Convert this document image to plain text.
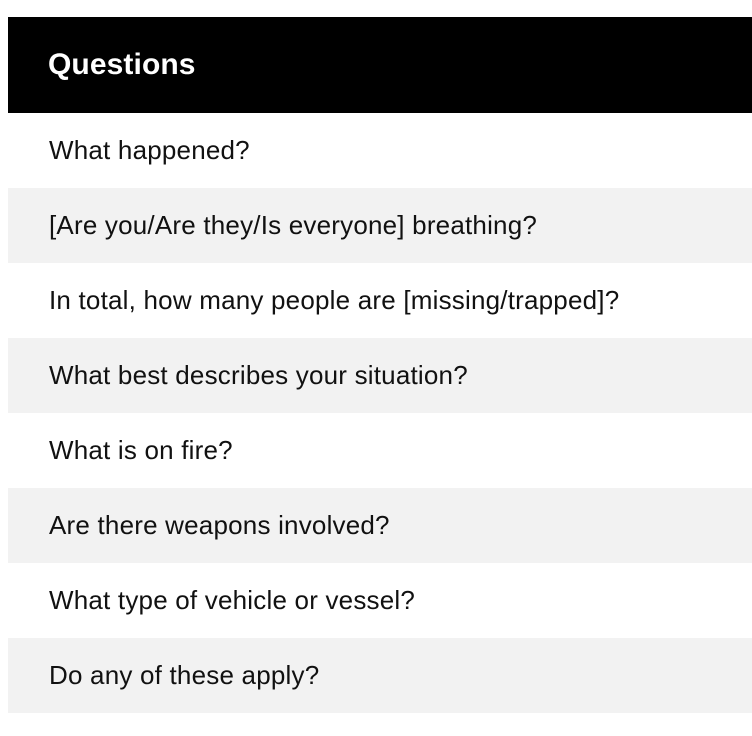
Questions
What happened?
[Are you/Are they/Is everyone] breathing?
In total, how many people are [missing/trapped]?
What best describes your situation?
What is on fire?
Are there weapons involved?
What type of vehicle or vessel?
Do any of these apply?
